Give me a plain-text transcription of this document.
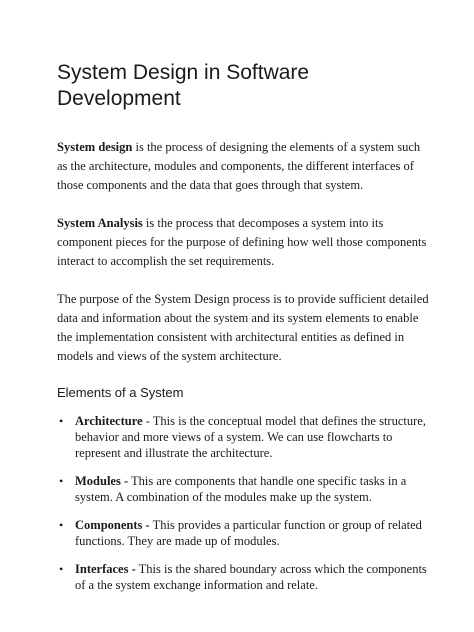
System Design in Software Development

System design is the process of designing the elements of a system such as the architecture, modules and components, the different interfaces of those components and the data that goes through that system.

System Analysis is the process that decomposes a system into its component pieces for the purpose of defining how well those components interact to accomplish the set requirements.

The purpose of the System Design process is to provide sufficient detailed data and information about the system and its system elements to enable the implementation consistent with architectural entities as defined in models and views of the system architecture.

Elements of a System
• Architecture - This is the conceptual model that defines the structure, behavior and more views of a system. We can use flowcharts to represent and illustrate the architecture.
• Modules - This are components that handle one specific tasks in a system. A combination of the modules make up the system.
• Components - This provides a particular function or group of related functions. They are made up of modules.
• Interfaces - This is the shared boundary across which the components of a the system exchange information and relate.
